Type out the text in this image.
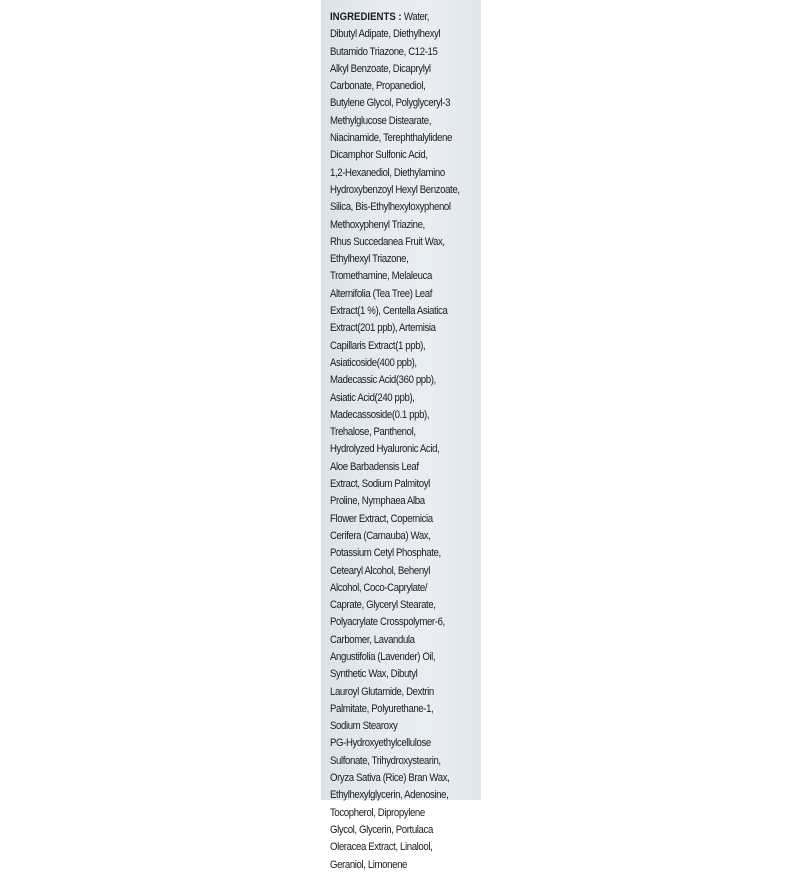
INGREDIENTS : Water,
Dibutyl Adipate, Diethylhexyl
Butamido Triazone, C12-15
Alkyl Benzoate, Dicaprylyl
Carbonate, Propanediol,
Butylene Glycol, Polyglyceryl-3
Methylglucose Distearate,
Niacinamide, Terephthalylidene
Dicamphor Sulfonic Acid,
1,2-Hexanediol, Diethylamino
Hydroxybenzoyl Hexyl Benzoate,
Silica, Bis-Ethylhexyloxyphenol
Methoxyphenyl Triazine,
Rhus Succedanea Fruit Wax,
Ethylhexyl Triazone,
Tromethamine, Melaleuca
Alternifolia (Tea Tree) Leaf
Extract(1 %), Centella Asiatica
Extract(201 ppb), Artemisia
Capillaris Extract(1 ppb),
Asiaticoside(400 ppb),
Madecassic Acid(360 ppb),
Asiatic Acid(240 ppb),
Madecassoside(0.1 ppb),
Trehalose, Panthenol,
Hydrolyzed Hyaluronic Acid,
Aloe Barbadensis Leaf
Extract, Sodium Palmitoyl
Proline, Nymphaea Alba
Flower Extract, Copernicia
Cerifera (Carnauba) Wax,
Potassium Cetyl Phosphate,
Cetearyl Alcohol, Behenyl
Alcohol, Coco-Caprylate/
Caprate, Glyceryl Stearate,
Polyacrylate Crosspolymer-6,
Carbomer, Lavandula
Angustifolia (Lavender) Oil,
Synthetic Wax, Dibutyl
Lauroyl Glutamide, Dextrin
Palmitate, Polyurethane-1,
Sodium Stearoxy
PG-Hydroxyethylcellulose
Sulfonate, Trihydroxystearin,
Oryza Sativa (Rice) Bran Wax,
Ethylhexylglycerin, Adenosine,
Tocopherol, Dipropylene
Glycol, Glycerin, Portulaca
Oleracea Extract, Linalool,
Geraniol, Limonene
